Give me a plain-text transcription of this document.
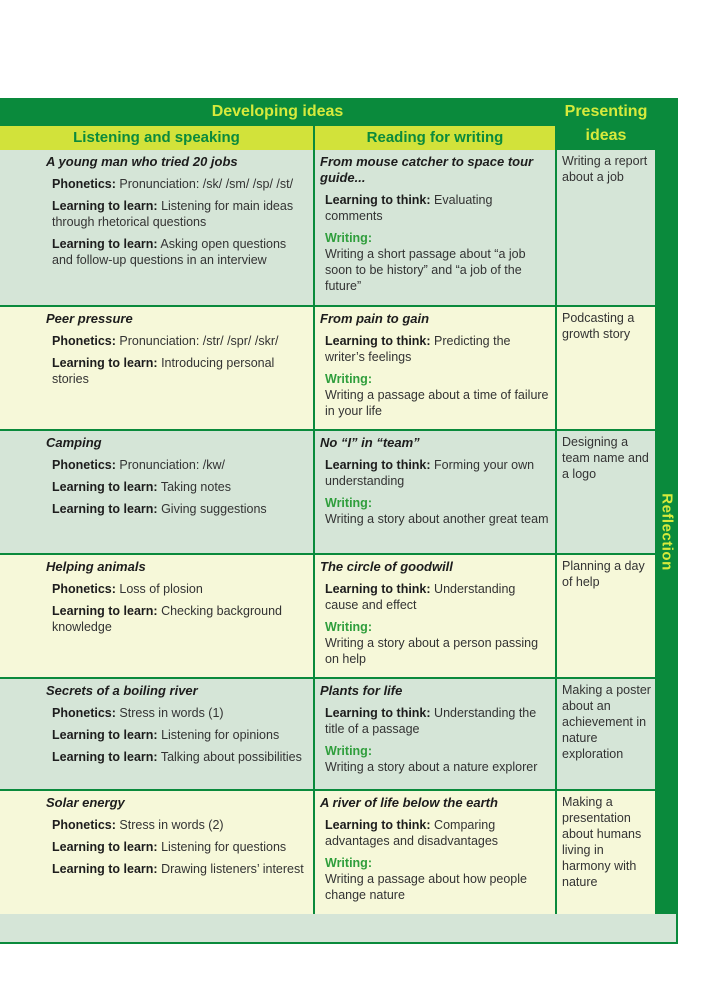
Developing ideas
Listening and speaking	Reading for writing
Presenting
ideas
Reflection
A young man who tried 20 jobs
Phonetics: Pronunciation: /sk/ /sm/ /sp/ /st/
Learning to learn: Listening for main ideas through rhetorical questions
Learning to learn: Asking open questions and follow-up questions in an interview
From mouse catcher to space tour guide...
Learning to think: Evaluating comments
Writing:
Writing a short passage about “a job soon to be history” and “a job of the future”
Writing a report about a job
Peer pressure
Phonetics: Pronunciation: /str/ /spr/ /skr/
Learning to learn: Introducing personal stories
From pain to gain
Learning to think: Predicting the writer’s feelings
Writing:
Writing a passage about a time of failure in your life
Podcasting a growth story
Camping
Phonetics: Pronunciation: /kw/
Learning to learn: Taking notes
Learning to learn: Giving suggestions
No “I” in “team”
Learning to think: Forming your own understanding
Writing:
Writing a story about another great team
Designing a team name and a logo
Helping animals
Phonetics: Loss of plosion
Learning to learn: Checking background knowledge
The circle of goodwill
Learning to think: Understanding cause and effect
Writing:
Writing a story about a person passing on help
Planning a day of help
Secrets of a boiling river
Phonetics: Stress in words (1)
Learning to learn: Listening for opinions
Learning to learn: Talking about possibilities
Plants for life
Learning to think: Understanding the title of a passage
Writing:
Writing a story about a nature explorer
Making a poster about an achievement in nature exploration
Solar energy
Phonetics: Stress in words (2)
Learning to learn: Listening for questions
Learning to learn: Drawing listeners’ interest
A river of life below the earth
Learning to think: Comparing advantages and disadvantages
Writing:
Writing a passage about how people change nature
Making a presentation about humans living in harmony with nature
